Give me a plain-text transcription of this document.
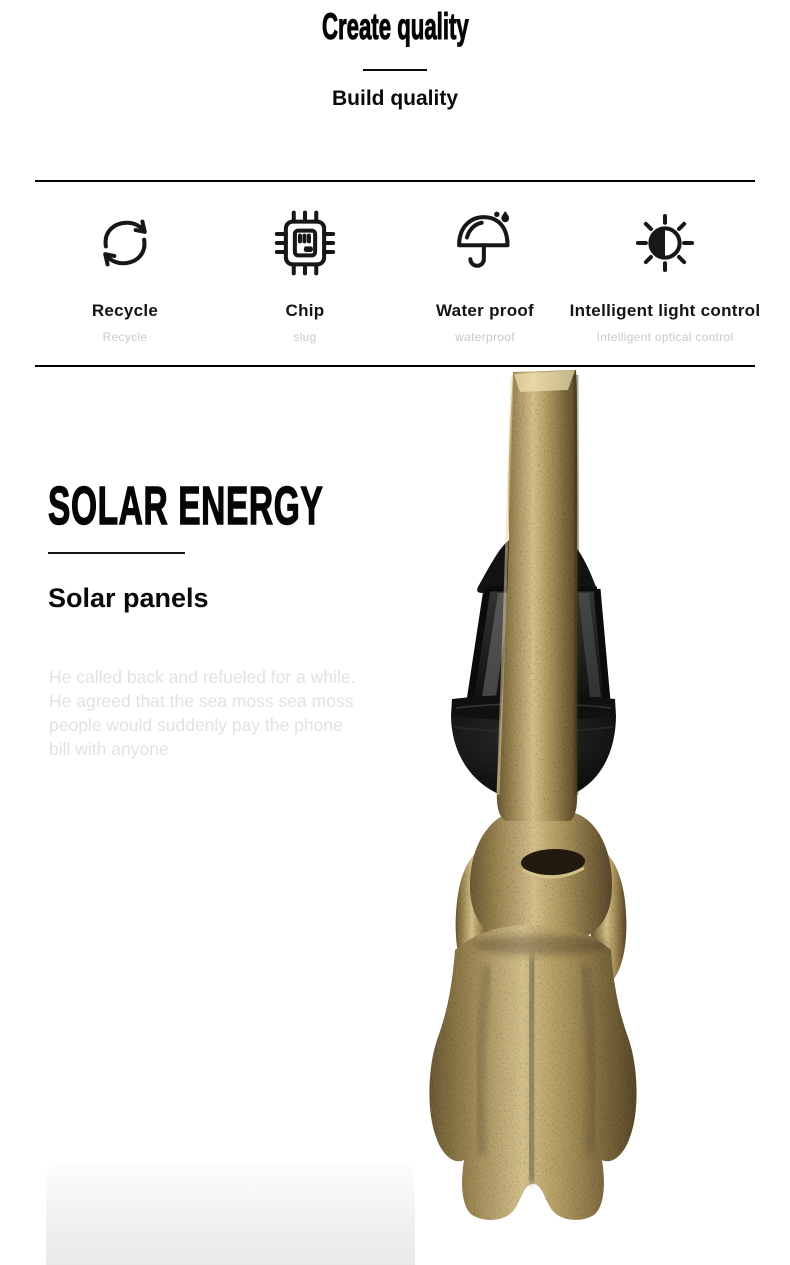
Create quality
Build quality
Recycle
Recycle
Chip
slug
Water proof
waterproof
Intelligent light control
Intelligent optical control
SOLAR ENERGY
Solar panels
He called back and refueled for a while.
He agreed that the sea moss sea moss
people would suddenly pay the phone
bill with anyone
